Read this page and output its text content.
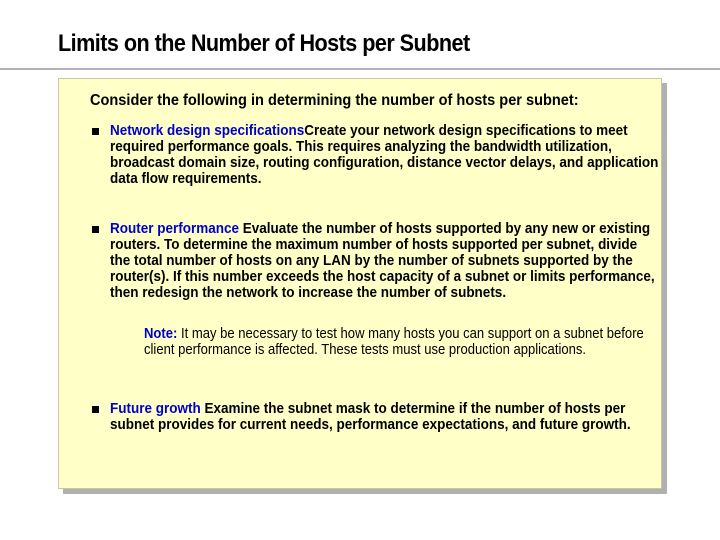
Limits on the Number of Hosts per Subnet
Consider the following in determining the number of hosts per subnet:
Network design specificationsCreate your network design specifications to meet required performance goals. This requires analyzing the bandwidth utilization, broadcast domain size, routing configuration, distance vector delays, and application data flow requirements.
Router performance Evaluate the number of hosts supported by any new or existing routers. To determine the maximum number of hosts supported per subnet, divide the total number of hosts on any LAN by the number of subnets supported by the router(s). If this number exceeds the host capacity of a subnet or limits performance, then redesign the network to increase the number of subnets.
Note: It may be necessary to test how many hosts you can support on a subnet before client performance is affected. These tests must use production applications.
Future growth Examine the subnet mask to determine if the number of hosts per subnet provides for current needs, performance expectations, and future growth.
